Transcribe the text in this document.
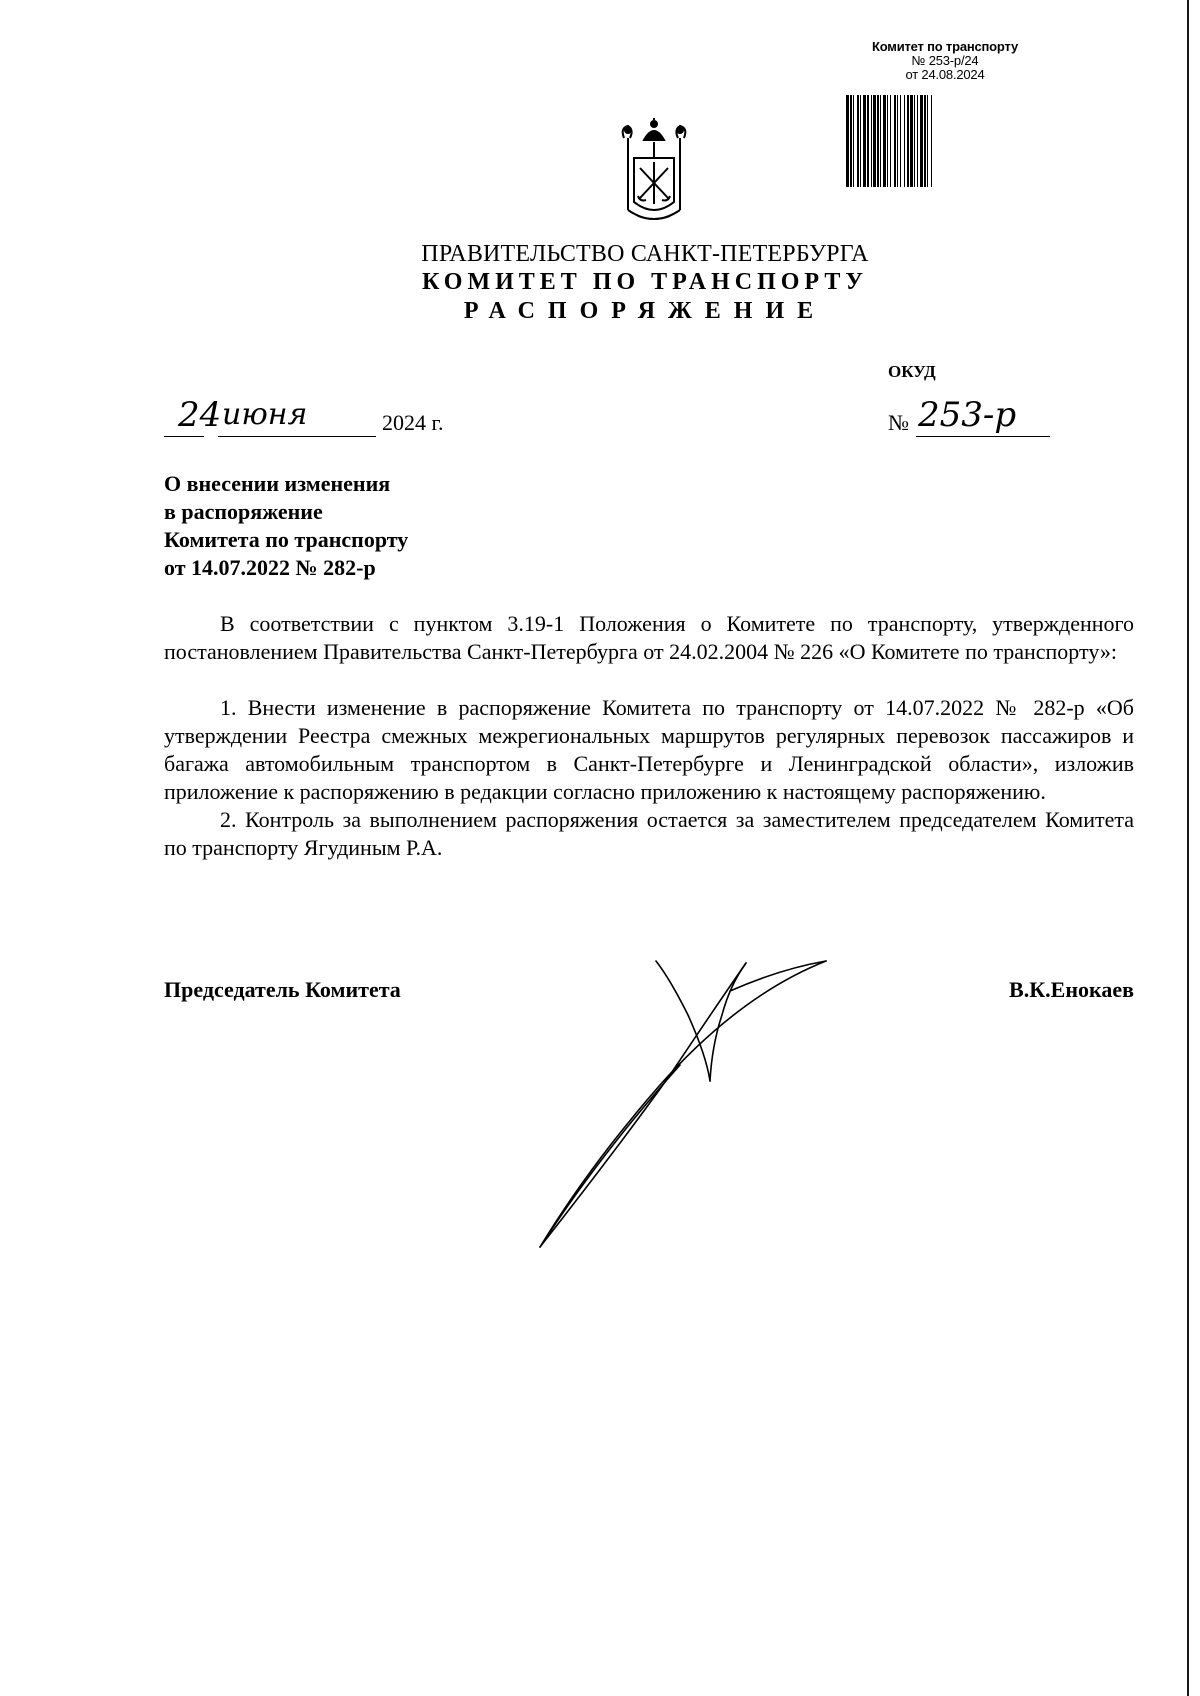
Комитет по транспорту
№ 253-р/24
от 24.08.2024
ПРАВИТЕЛЬСТВО САНКТ-ПЕТЕРБУРГА
КОМИТЕТ ПО ТРАНСПОРТУ
РАСПОРЯЖЕНИЕ
ОКУД
24 июня	2024 г.	№ 253-р
О внесении изменения
в распоряжение
Комитета по транспорту
от 14.07.2022 № 282-р

В соответствии с пунктом 3.19-1 Положения о Комитете по транспорту, утвержденного постановлением Правительства Санкт-Петербурга от 24.02.2004 № 226 «О Комитете по транспорту»:

1. Внести изменение в распоряжение Комитета по транспорту от 14.07.2022 № 282-р «Об утверждении Реестра смежных межрегиональных маршрутов регулярных перевозок пассажиров и багажа автомобильным транспортом в Санкт-Петербурге и Ленинградской области», изложив приложение к распоряжению в редакции согласно приложению к настоящему распоряжению.

2. Контроль за выполнением распоряжения остается за заместителем председателем Комитета по транспорту Ягудиным Р.А.

Председатель Комитета	В.К.Енокаев
